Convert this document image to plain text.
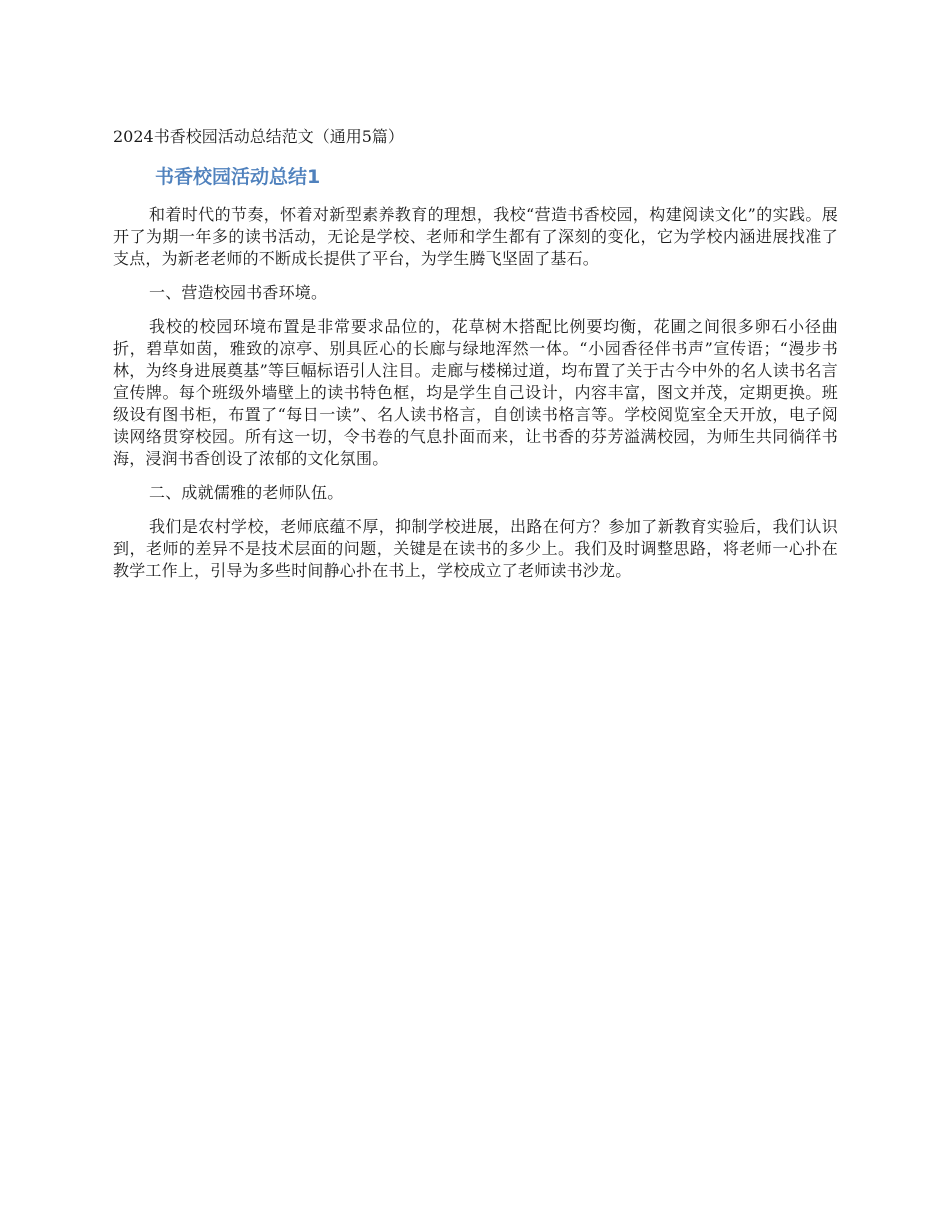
2024书香校园活动总结范文（通用5篇）

书香校园活动总结1

和着时代的节奏，怀着对新型素养教育的理想，我校“营造书香校园，构建阅读文化”的实践。展开了为期一年多的读书活动，无论是学校、老师和学生都有了深刻的变化，它为学校内涵进展找准了支点，为新老老师的不断成长提供了平台，为学生腾飞坚固了基石。

一、营造校园书香环境。

我校的校园环境布置是非常要求品位的，花草树木搭配比例要均衡，花圃之间很多卵石小径曲折，碧草如茵，雅致的凉亭、别具匠心的长廊与绿地浑然一体。“小园香径伴书声”宣传语；“漫步书林，为终身进展奠基”等巨幅标语引人注目。走廊与楼梯过道，均布置了关于古今中外的名人读书名言宣传牌。每个班级外墙壁上的读书特色框，均是学生自己设计，内容丰富，图文并茂，定期更换。班级设有图书柜，布置了“每日一读”、名人读书格言，自创读书格言等。学校阅览室全天开放，电子阅读网络贯穿校园。所有这一切，令书卷的气息扑面而来，让书香的芬芳溢满校园，为师生共同徜徉书海，浸润书香创设了浓郁的文化氛围。

二、成就儒雅的老师队伍。

我们是农村学校，老师底蕴不厚，抑制学校进展，出路在何方？参加了新教育实验后，我们认识到，老师的差异不是技术层面的问题，关键是在读书的多少上。我们及时调整思路，将老师一心扑在教学工作上，引导为多些时间静心扑在书上，学校成立了老师读书沙龙。
